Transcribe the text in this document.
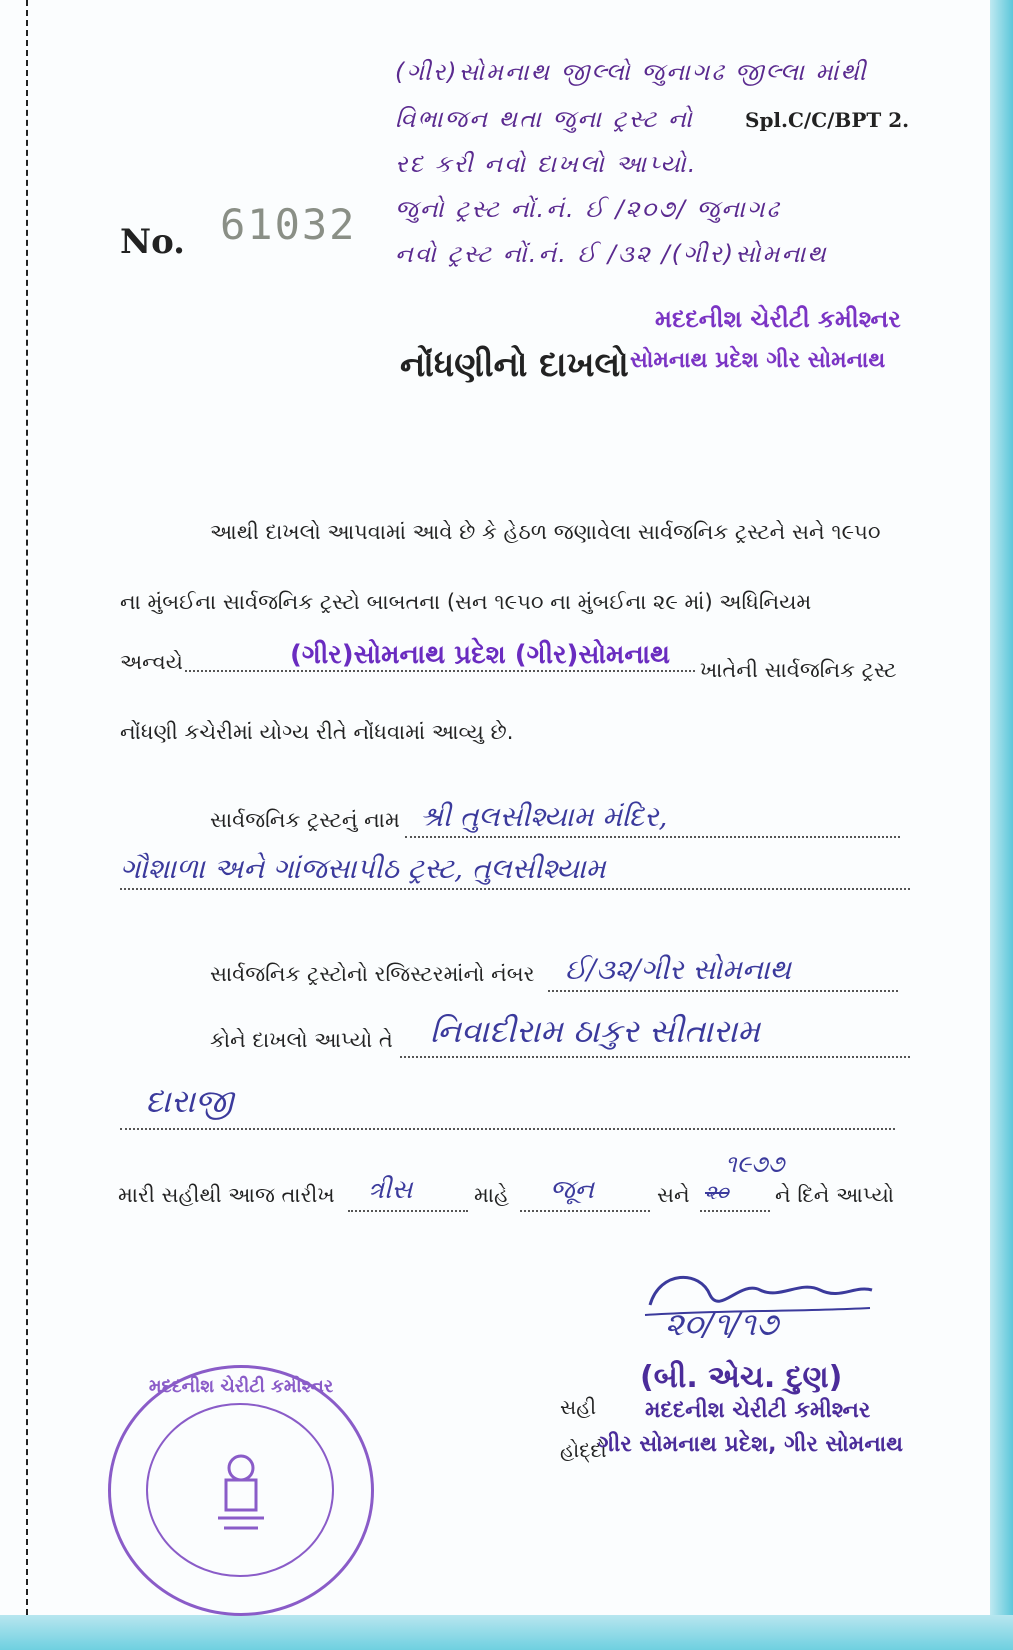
(ગીર)સોમનાથ જીલ્લો જુનાગઢ જીલ્લા માંથી
વિભાજન થતા જુના ટ્રસ્ટ નો	Spl.C/C/BPT 2.
રદ કરી નવો દાખલો આપ્યો.
જુનો ટ્રસ્ટ નોં.નં. ઈ /૨૦૭/ જુનાગઢ
નવો ટ્રસ્ટ નોં.નં. ઈ /૩૨ /(ગીર)સોમનાથ
મદદનીશ ચેરીટી કમીશ્નર
No. 61032
નોંધણીનો દાખલો સોમનાથ પ્રદેશ ગીર સોમનાથ
આથી દાખલો આપવામાં આવે છે કે હેઠળ જણાવેલા સાર્વજનિક ટ્રસ્ટને સને ૧૯૫૦
ના મુંબઈના સાર્વજનિક ટ્રસ્ટો બાબતના (સન ૧૯૫૦ ના મુંબઈના ૨૯ માં) અધિનિયમ
અન્વયે	(ગીર)સોમનાથ પ્રદેશ (ગીર)સોમનાથ ખાતેની સાર્વજનિક ટ્રસ્ટ
નોંધણી કચેરીમાં યોગ્ય રીતે નોંધવામાં આવ્યુ છે.
સાર્વજનિક ટ્રસ્ટનું નામ શ્રી તુલસીશ્યામ મંદિર,
ગૌશાળા અને ગાંજસાપીઠ ટ્રસ્ટ, તુલસીશ્યામ
સાર્વજનિક ટ્રસ્ટોનો રજિસ્ટરમાંનો નંબર ઈ/૩૨/ગીર સોમનાથ
કોને દાખલો આપ્યો તે નિવાદીરામ ઠાકુર સીતારામ
દારાજી
મારી સહીથી આજ તારીખ ત્રીસ	માહે જૂન	સને ૨૦
૧૯૭૭
ને દિને આપ્યો
૨૦/૧/૧૭
(બી. એચ. દુણ)
સહી મદદનીશ ચેરીટી કમીશ્નર
હોદ્દો
ગીર સોમનાથ પ્રદેશ, ગીર સોમનાથ
મદદનીશ ચેરીટી કમીશ્નર
